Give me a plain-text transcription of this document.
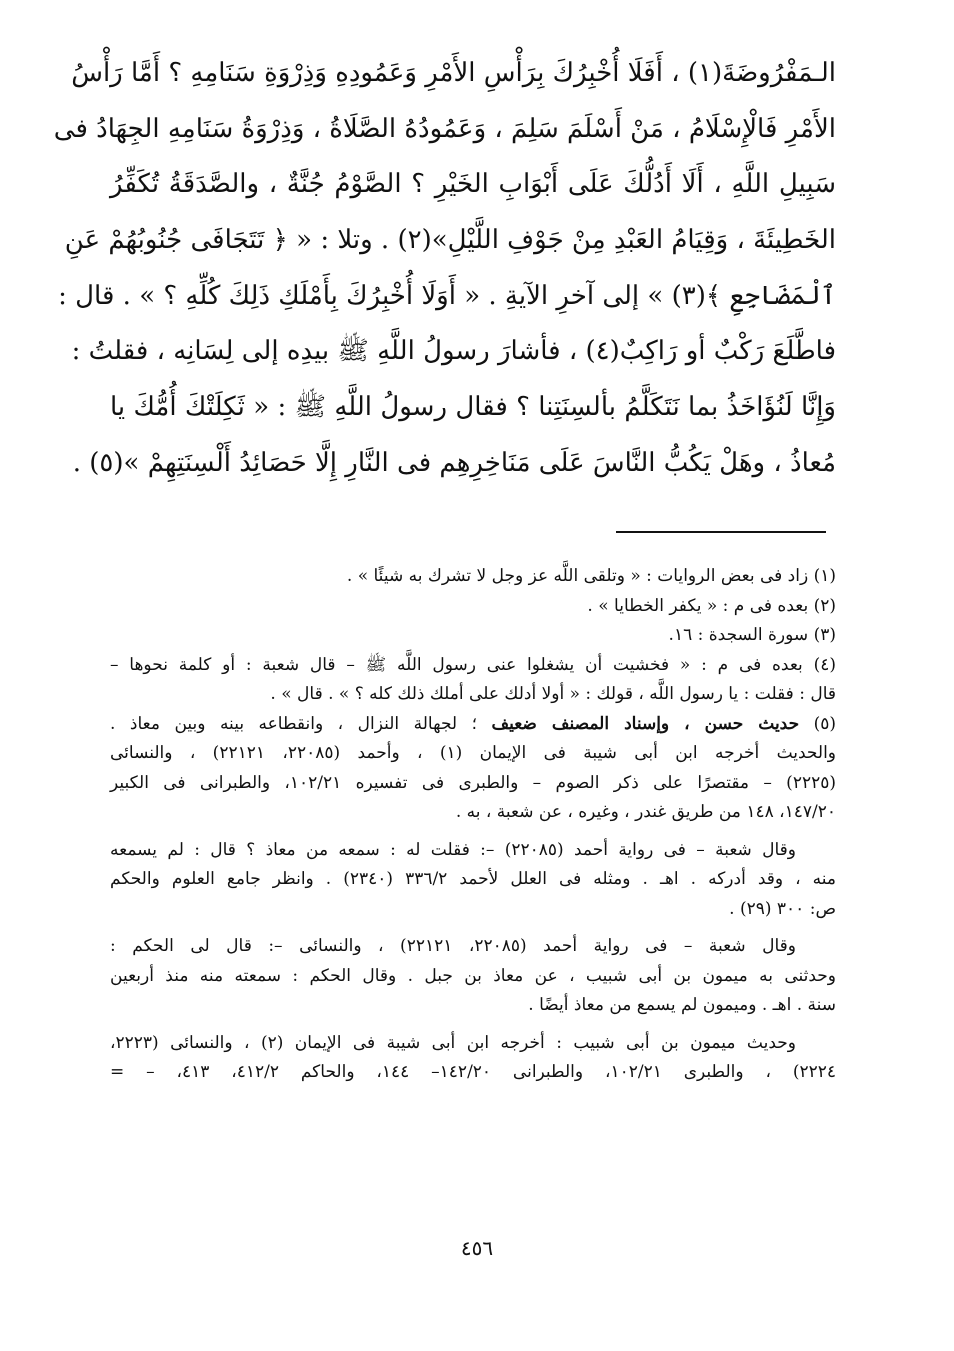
الـمَفْرُوضَةَ(١) ، أَفَلَا أُخْبِرُكَ بِرَأْسِ الأَمْرِ وَعَمُودِهِ وَذِرْوَةِ سَنَامِهِ ؟ أَمَّا رَأْسُ
الأَمْرِ فَالْإِسْلَامُ ، مَنْ أَسْلَمَ سَلِمَ ، وَعَمُودُهُ الصَّلَاةُ ، وَذِرْوَةُ سَنَامِهِ الجِهَادُ فى
سَبِيلِ اللَّهِ ، أَلَا أَدُلُّكَ عَلَى أَبْوَابِ الخَيْرِ ؟ الصَّوْمُ جُنَّةٌ ، والصَّدَقَةُ تُكَفِّرُ
الخَطِيئَةَ ، وَقِيَامُ العَبْدِ مِنْ جَوْفِ اللَّيْلِ»(٢) . وتلا : « ﴿ تَتَجَافَى جُنُوبُهُمْ عَنِ
ٱلْمَضَاجِعِ ﴾(٣) » إلى آخرِ الآيةِ . « أَوَلَا أُخْبِرُكَ بِأَمْلَكِ ذَلِكَ كُلِّهِ ؟ » . قال :
فاطَّلَعَ رَكْبٌ أو رَاكِبٌ(٤) ، فأشارَ رسولُ اللَّهِ ﷺ بيدِه إلى لِسَانِه ، فقلتُ :
وَإِنَّا لَنُؤَاخَذُ بما نَتَكَلَّمُ بألسِنَتِنا ؟ فقال رسولُ اللَّهِ ﷺ : « ثَكِلَتْكَ أُمُّكَ يا
مُعاذُ ، وهَلْ يَكُبُّ النَّاسَ عَلَى مَنَاخِرِهِم فى النَّارِ إِلَّا حَصَائِدُ أَلْسِنَتِهِمْ »(٥) .
(١) زاد فى بعض الروايات : « وتلقى اللَّه عز وجل لا تشرك به شيئًا » .
(٢) بعده فى م : « يكفر الخطايا » .
(٣) سورة السجدة : ١٦.
(٤) بعده فى م : « فخشيت أن يشغلوا عنى رسول اللَّه ﷺ – قال شعبة : أو كلمة نحوها –
قال : فقلت : يا رسول اللَّه ، قولك : « أولا أدلك على أملك ذلك كله ؟ » . قال » .
(٥) حديث حسن ، وإسناد المصنف ضعيف ؛ لجهالة النزال ، وانقطاعه بينه وبين معاذ .
والحديث أخرجه ابن أبى شيبة فى الإيمان (١) ، وأحمد (٢٢٠٨٥، ٢٢١٢١) ، والنسائى
(٢٢٢٥) – مقتصرًا على ذكر الصوم – والطبرى فى تفسيره ١٠٢/٢١، والطبرانى فى الكبير
١٤٧/٢٠، ١٤٨ من طريق غندر ، وغيره ، عن شعبة ، به .
وقال شعبة – فى رواية أحمد (٢٢٠٨٥) –: فقلت له : سمعه من معاذ ؟ قال : لم يسمعه
منه ، وقد أدركه . اهـ . ومثله فى العلل لأحمد ٣٣٦/٢ (٢٣٤٠) . وانظر جامع العلوم والحكم
ص: ٣٠٠ (٢٩) .
وقال شعبة – فى رواية أحمد (٢٢٠٨٥، ٢٢١٢١) ، والنسائى –: قال لى الحكم :
وحدثنى به ميمون بن أبى شبيب ، عن معاذ بن جبل . وقال الحكم : سمعته منه منذ أربعين
سنة . اهـ . وميمون لم يسمع من معاذ أيضًا .
وحديث ميمون بن أبى شبيب : أخرجه ابن أبى شيبة فى الإيمان (٢) ، والنسائى (٢٢٢٣،
٢٢٢٤) ، والطبرى ١٠٢/٢١، والطبرانى ١٤٢/٢٠– ١٤٤، والحاكم ٤١٢/٢، ٤١٣، – =
٤٥٦
